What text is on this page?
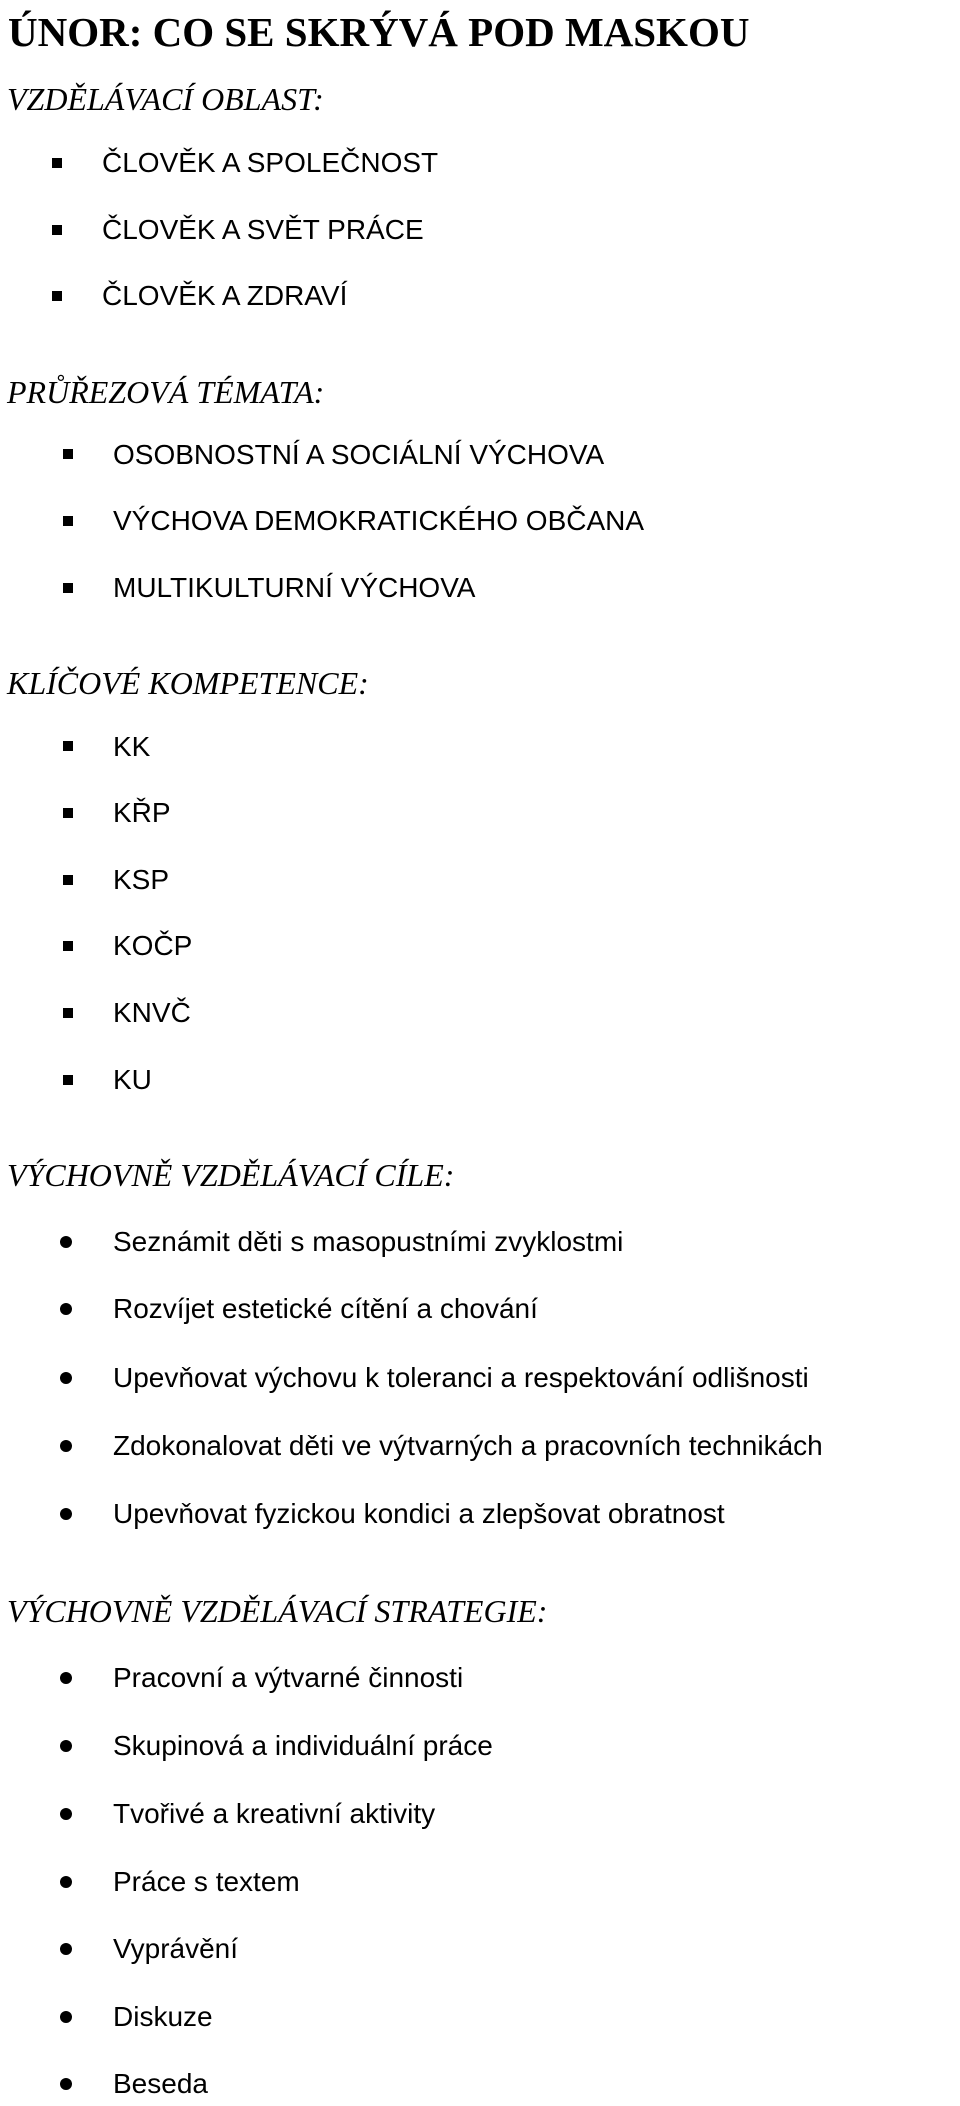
ÚNOR: CO SE SKRÝVÁ POD MASKOU
VZDĚLÁVACÍ OBLAST:
ČLOVĚK A SPOLEČNOST
ČLOVĚK A SVĚT PRÁCE
ČLOVĚK A ZDRAVÍ
PRŮŘEZOVÁ TÉMATA:
OSOBNOSTNÍ A SOCIÁLNÍ VÝCHOVA
VÝCHOVA DEMOKRATICKÉHO OBČANA
MULTIKULTURNÍ VÝCHOVA
KLÍČOVÉ KOMPETENCE:
KK
KŘP
KSP
KOČP
KNVČ
KU
VÝCHOVNĚ VZDĚLÁVACÍ CÍLE:
Seznámit děti s masopustními zvyklostmi
Rozvíjet estetické cítění a chování
Upevňovat výchovu k toleranci a respektování odlišnosti
Zdokonalovat děti ve výtvarných a pracovních technikách
Upevňovat fyzickou kondici a zlepšovat obratnost
VÝCHOVNĚ VZDĚLÁVACÍ STRATEGIE:
Pracovní a výtvarné činnosti
Skupinová a individuální práce
Tvořivé a kreativní aktivity
Práce s textem
Vyprávění
Diskuze
Beseda
